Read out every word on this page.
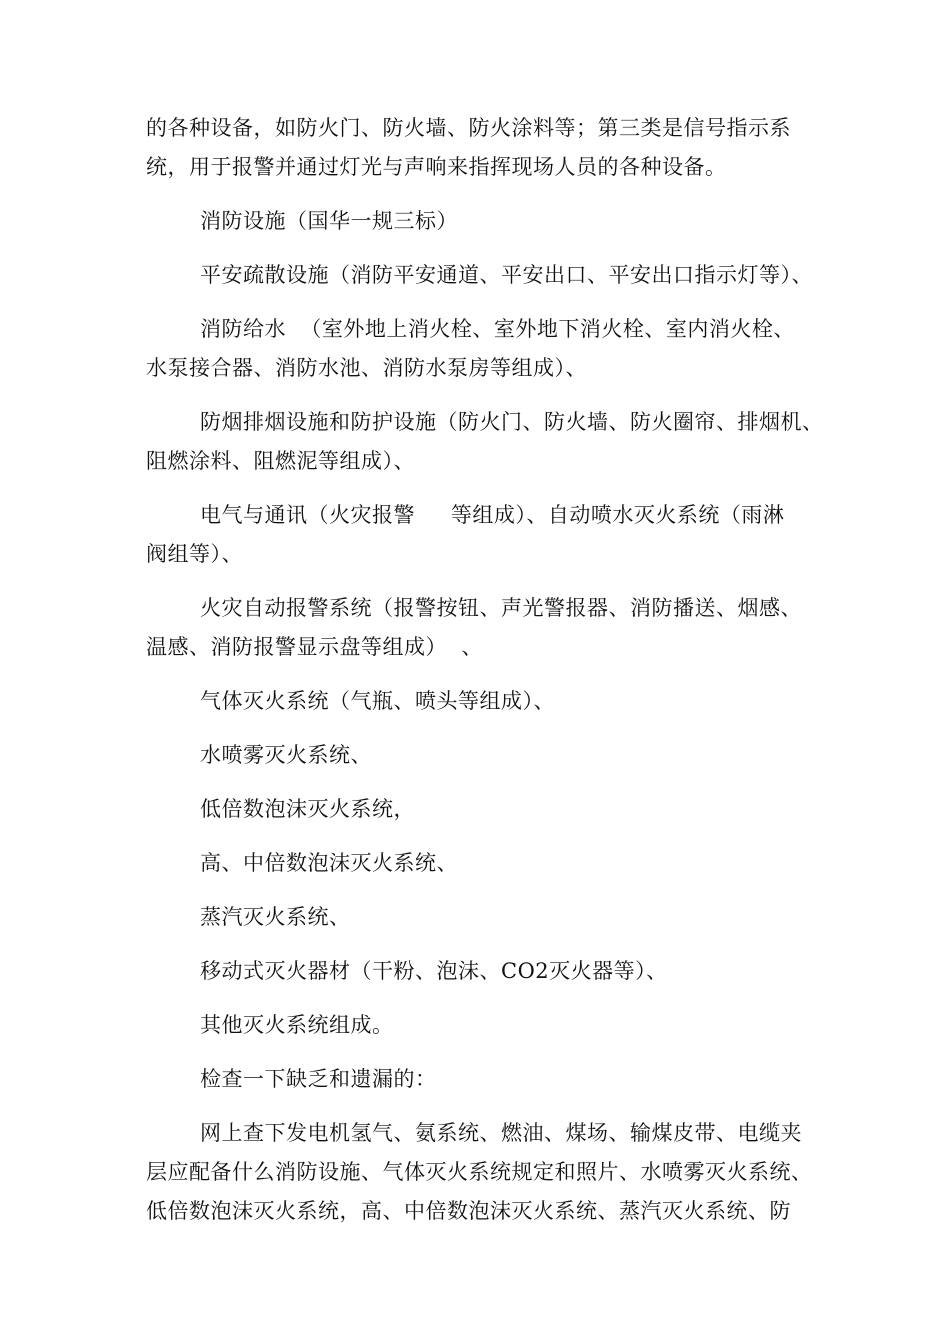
的各种设备，如防火门、防火墙、防火涂料等；第三类是信号指示系
统，用于报警并通过灯光与声响来指挥现场人员的各种设备。
消防设施（国华一规三标）
平安疏散设施（消防平安通道、平安出口、平安出口指示灯等）、
消防给水  （室外地上消火栓、室外地下消火栓、室内消火栓、
水泵接合器、消防水池、消防水泵房等组成）、
防烟排烟设施和防护设施（防火门、防火墙、防火圈帘、排烟机、
阻燃涂料、阻燃泥等组成）、
电气与通讯（火灾报警     等组成）、自动喷水灭火系统（雨淋
阀组等）、
火灾自动报警系统（报警按钮、声光警报器、消防播送、烟感、
温感、消防报警显示盘等组成）  、
气体灭火系统（气瓶、喷头等组成）、
水喷雾灭火系统、
低倍数泡沫灭火系统，
高、中倍数泡沫灭火系统、
蒸汽灭火系统、
移动式灭火器材（干粉、泡沫、CO2灭火器等）、
其他灭火系统组成。
检查一下缺乏和遗漏的：
网上查下发电机氢气、氨系统、燃油、煤场、输煤皮带、电缆夹
层应配备什么消防设施、气体灭火系统规定和照片、水喷雾灭火系统、
低倍数泡沫灭火系统，高、中倍数泡沫灭火系统、蒸汽灭火系统、防
